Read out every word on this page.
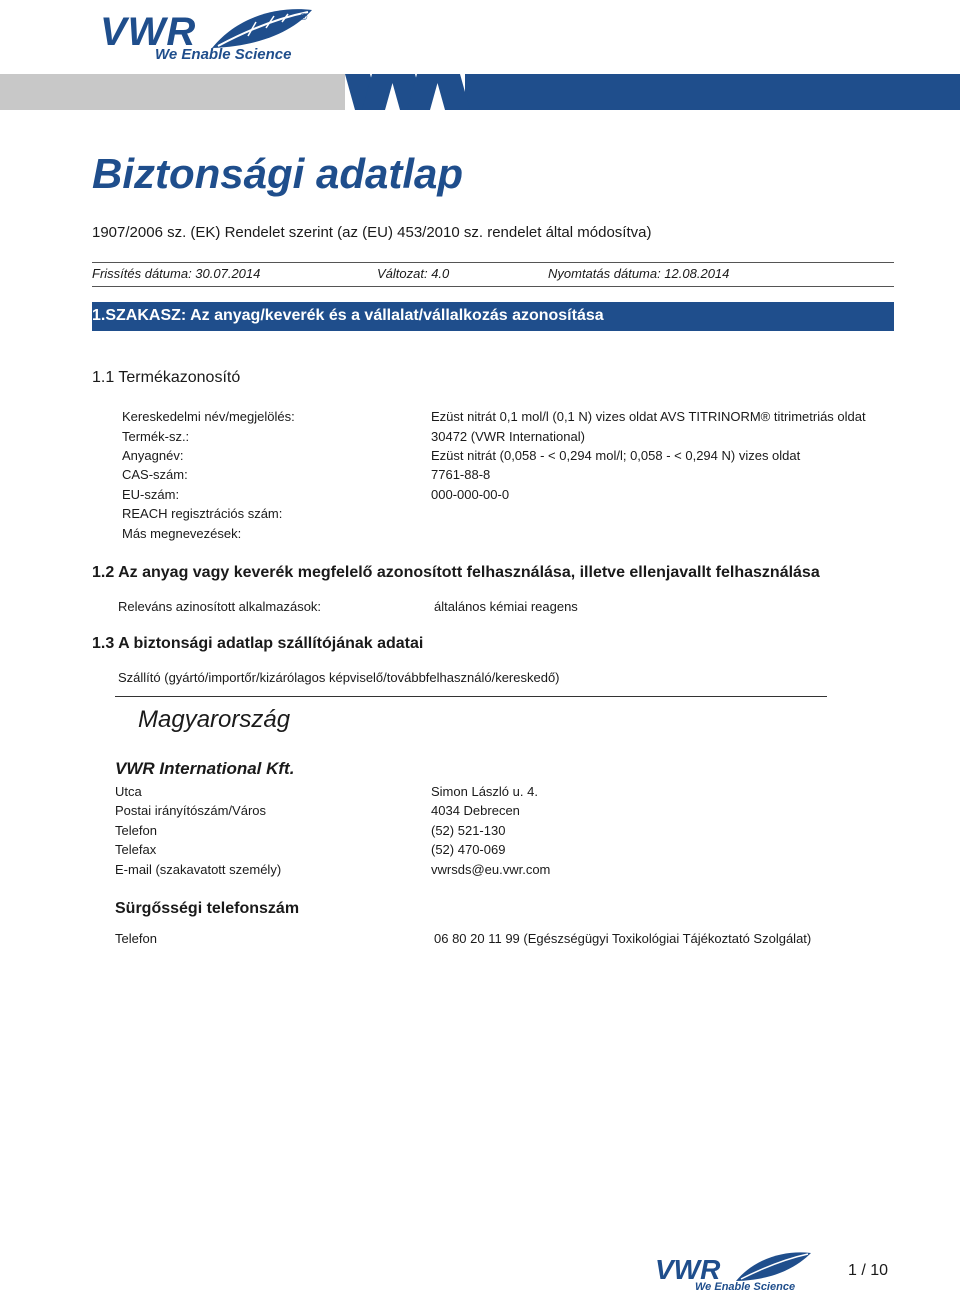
VWR	®
We Enable Science
Biztonsági adatlap
1907/2006 sz. (EK) Rendelet szerint (az (EU) 453/2010 sz. rendelet által módosítva)
Frissítés dátuma: 30.07.2014	Változat: 4.0	Nyomtatás dátuma: 12.08.2014
1.SZAKASZ: Az anyag/keverék és a vállalat/vállalkozás azonosítása
1.1 Termékazonosító
Kereskedelmi név/megjelölés:	Ezüst nitrát 0,1 mol/l (0,1 N) vizes oldat AVS TITRINORM® titrimetriás oldat
Termék-sz.:	30472 (VWR International)
Anyagnév:	Ezüst nitrát (0,058 - < 0,294 mol/l; 0,058 - < 0,294 N) vizes oldat
CAS-szám:	7761-88-8
EU-szám:	000-000-00-0
REACH regisztrációs szám:
Más megnevezések:
1.2 Az anyag vagy keverék megfelelő azonosított felhasználása, illetve ellenjavallt felhasználása
Releváns azinosított alkalmazások:	általános kémiai reagens
1.3 A biztonsági adatlap szállítójának adatai
Szállító (gyártó/importőr/kizárólagos képviselő/továbbfelhasználó/kereskedő)
Magyarország
VWR International Kft.
Utca	Simon László u. 4.
Postai irányítószám/Város	4034 Debrecen
Telefon	(52) 521-130
Telefax	(52) 470-069
E-mail (szakavatott személy)	vwrsds@eu.vwr.com
Sürgősségi telefonszám
Telefon	06 80 20 11 99 (Egészségügyi Toxikológiai Tájékoztató Szolgálat)
VWR
We Enable Science
1 / 10
